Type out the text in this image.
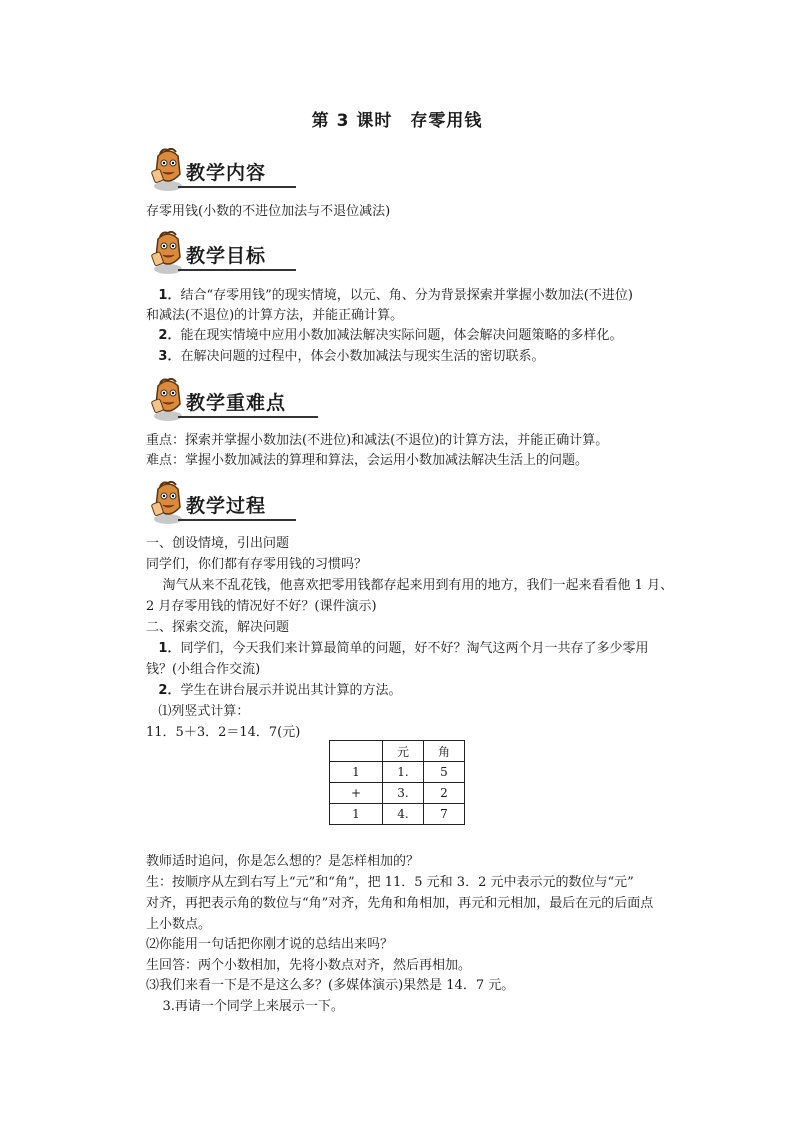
第 3 课时　存零用钱
教学内容
存零用钱(小数的不进位加法与不退位减法)
教学目标
1．结合“存零用钱”的现实情境，以元、角、分为背景探索并掌握小数加法(不进位)
和减法(不退位)的计算方法，并能正确计算。
2．能在现实情境中应用小数加减法解决实际问题，体会解决问题策略的多样化。
3．在解决问题的过程中，体会小数加减法与现实生活的密切联系。
教学重难点
重点：探索并掌握小数加法(不进位)和减法(不退位)的计算方法，并能正确计算。
难点：掌握小数加减法的算理和算法，会运用小数加减法解决生活上的问题。
教学过程
一、创设情境，引出问题
同学们，你们都有存零用钱的习惯吗？
淘气从来不乱花钱，他喜欢把零用钱都存起来用到有用的地方，我们一起来看看他 1 月、
2 月存零用钱的情况好不好？(课件演示)
二、探索交流，解决问题
1．同学们，今天我们来计算最简单的问题，好不好？淘气这两个月一共存了多少零用
钱？(小组合作交流)
2．学生在讲台展示并说出其计算的方法。
⑴列竖式计算：
11．5＋3．2＝14．7(元)
	元	角
1	1.	5
+	3.	2
1	4.	7
教师适时追问，你是怎么想的？是怎样相加的？
生：按顺序从左到右写上“元”和“角”，把 11．5 元和 3．2 元中表示元的数位与“元”
对齐，再把表示角的数位与“角”对齐，先角和角相加，再元和元相加，最后在元的后面点
上小数点。
⑵你能用一句话把你刚才说的总结出来吗？
生回答：两个小数相加，先将小数点对齐，然后再相加。
⑶我们来看一下是不是这么多？(多媒体演示)果然是 14．7 元。
3.再请一个同学上来展示一下。
